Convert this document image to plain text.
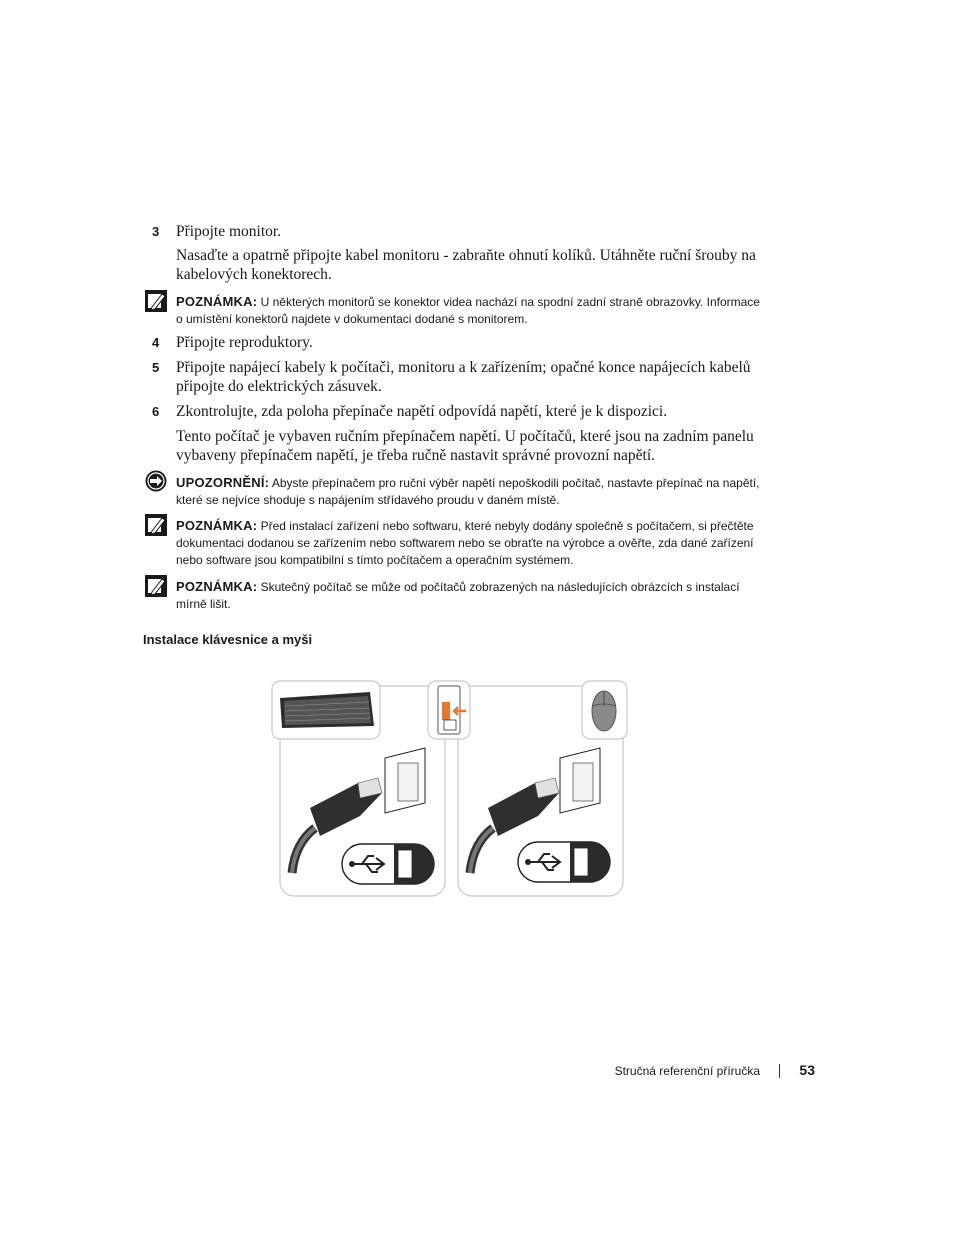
3	Připojte monitor.
Nasaďte a opatrně připojte kabel monitoru - zabraňte ohnutí kolíků. Utáhněte ruční šrouby na kabelových konektorech.
POZNÁMKA: U některých monitorů se konektor videa nachází na spodní zadní straně obrazovky. Informace o umístění konektorů najdete v dokumentaci dodané s monitorem.
4	Připojte reproduktory.
5	Připojte napájecí kabely k počítači, monitoru a k zařízením; opačné konce napájecích kabelů připojte do elektrických zásuvek.
6	Zkontrolujte, zda poloha přepínače napětí odpovídá napětí, které je k dispozici.
Tento počítač je vybaven ručním přepínačem napětí. U počítačů, které jsou na zadním panelu vybaveny přepínačem napětí, je třeba ručně nastavit správné provozní napětí.
UPOZORNĚNÍ: Abyste přepínačem pro ruční výběr napětí nepoškodili počítač, nastavte přepínač na napětí, které se nejvíce shoduje s napájením střídavého proudu v daném místě.
POZNÁMKA: Před instalací zařízení nebo softwaru, které nebyly dodány společně s počítačem, si přečtěte dokumentaci dodanou se zařízením nebo softwarem nebo se obraťte na výrobce a ověřte, zda dané zařízení nebo software jsou kompatibilní s tímto počítačem a operačním systémem.
POZNÁMKA: Skutečný počítač se může od počítačů zobrazených na následujících obrázcích s instalací mírně lišit.
Instalace klávesnice a myši
Stručná referenční příručka	53
